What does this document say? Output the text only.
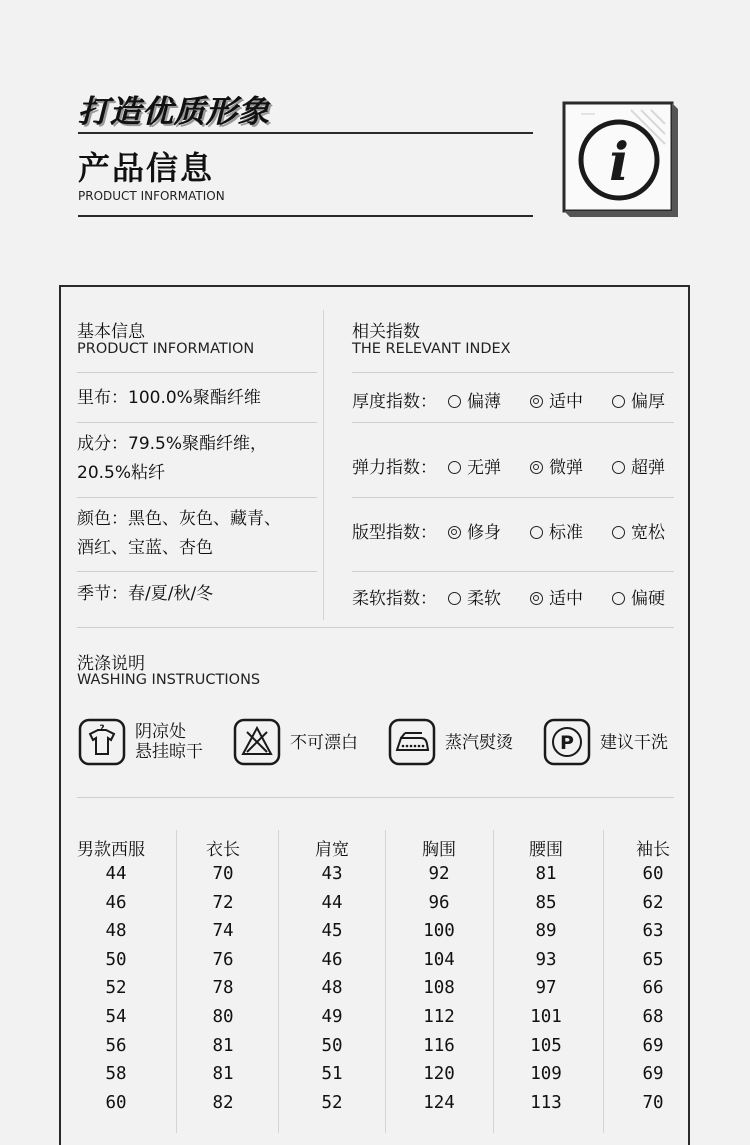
打造优质形象
产品信息
PRODUCT INFORMATION
i
基本信息
PRODUCT INFORMATION
里布：100.0%聚酯纤维
成分：79.5%聚酯纤维，
20.5%粘纤
颜色：黑色、灰色、藏青、
酒红、宝蓝、杏色
季节：春/夏/秋/冬
相关指数
THE RELEVANT INDEX
厚度指数：	偏薄	适中	偏厚
弹力指数：	无弹	微弹	超弹
版型指数：	修身	标准	宽松
柔软指数：	柔软	适中	偏硬
洗涤说明
WASHING INSTRUCTIONS
? 阴凉处
悬挂晾干	不可漂白	蒸汽熨烫 P 建议干洗
男款西服	衣长	肩宽	胸围	腰围	袖长
44	70	43	92	81	60
46	72	44	96	85	62
48	74	45	100	89	63
50	76	46	104	93	65
52	78	48	108	97	66
54	80	49	112	101	68
56	81	50	116	105	69
58	81	51	120	109	69
60	82	52	124	113	70
